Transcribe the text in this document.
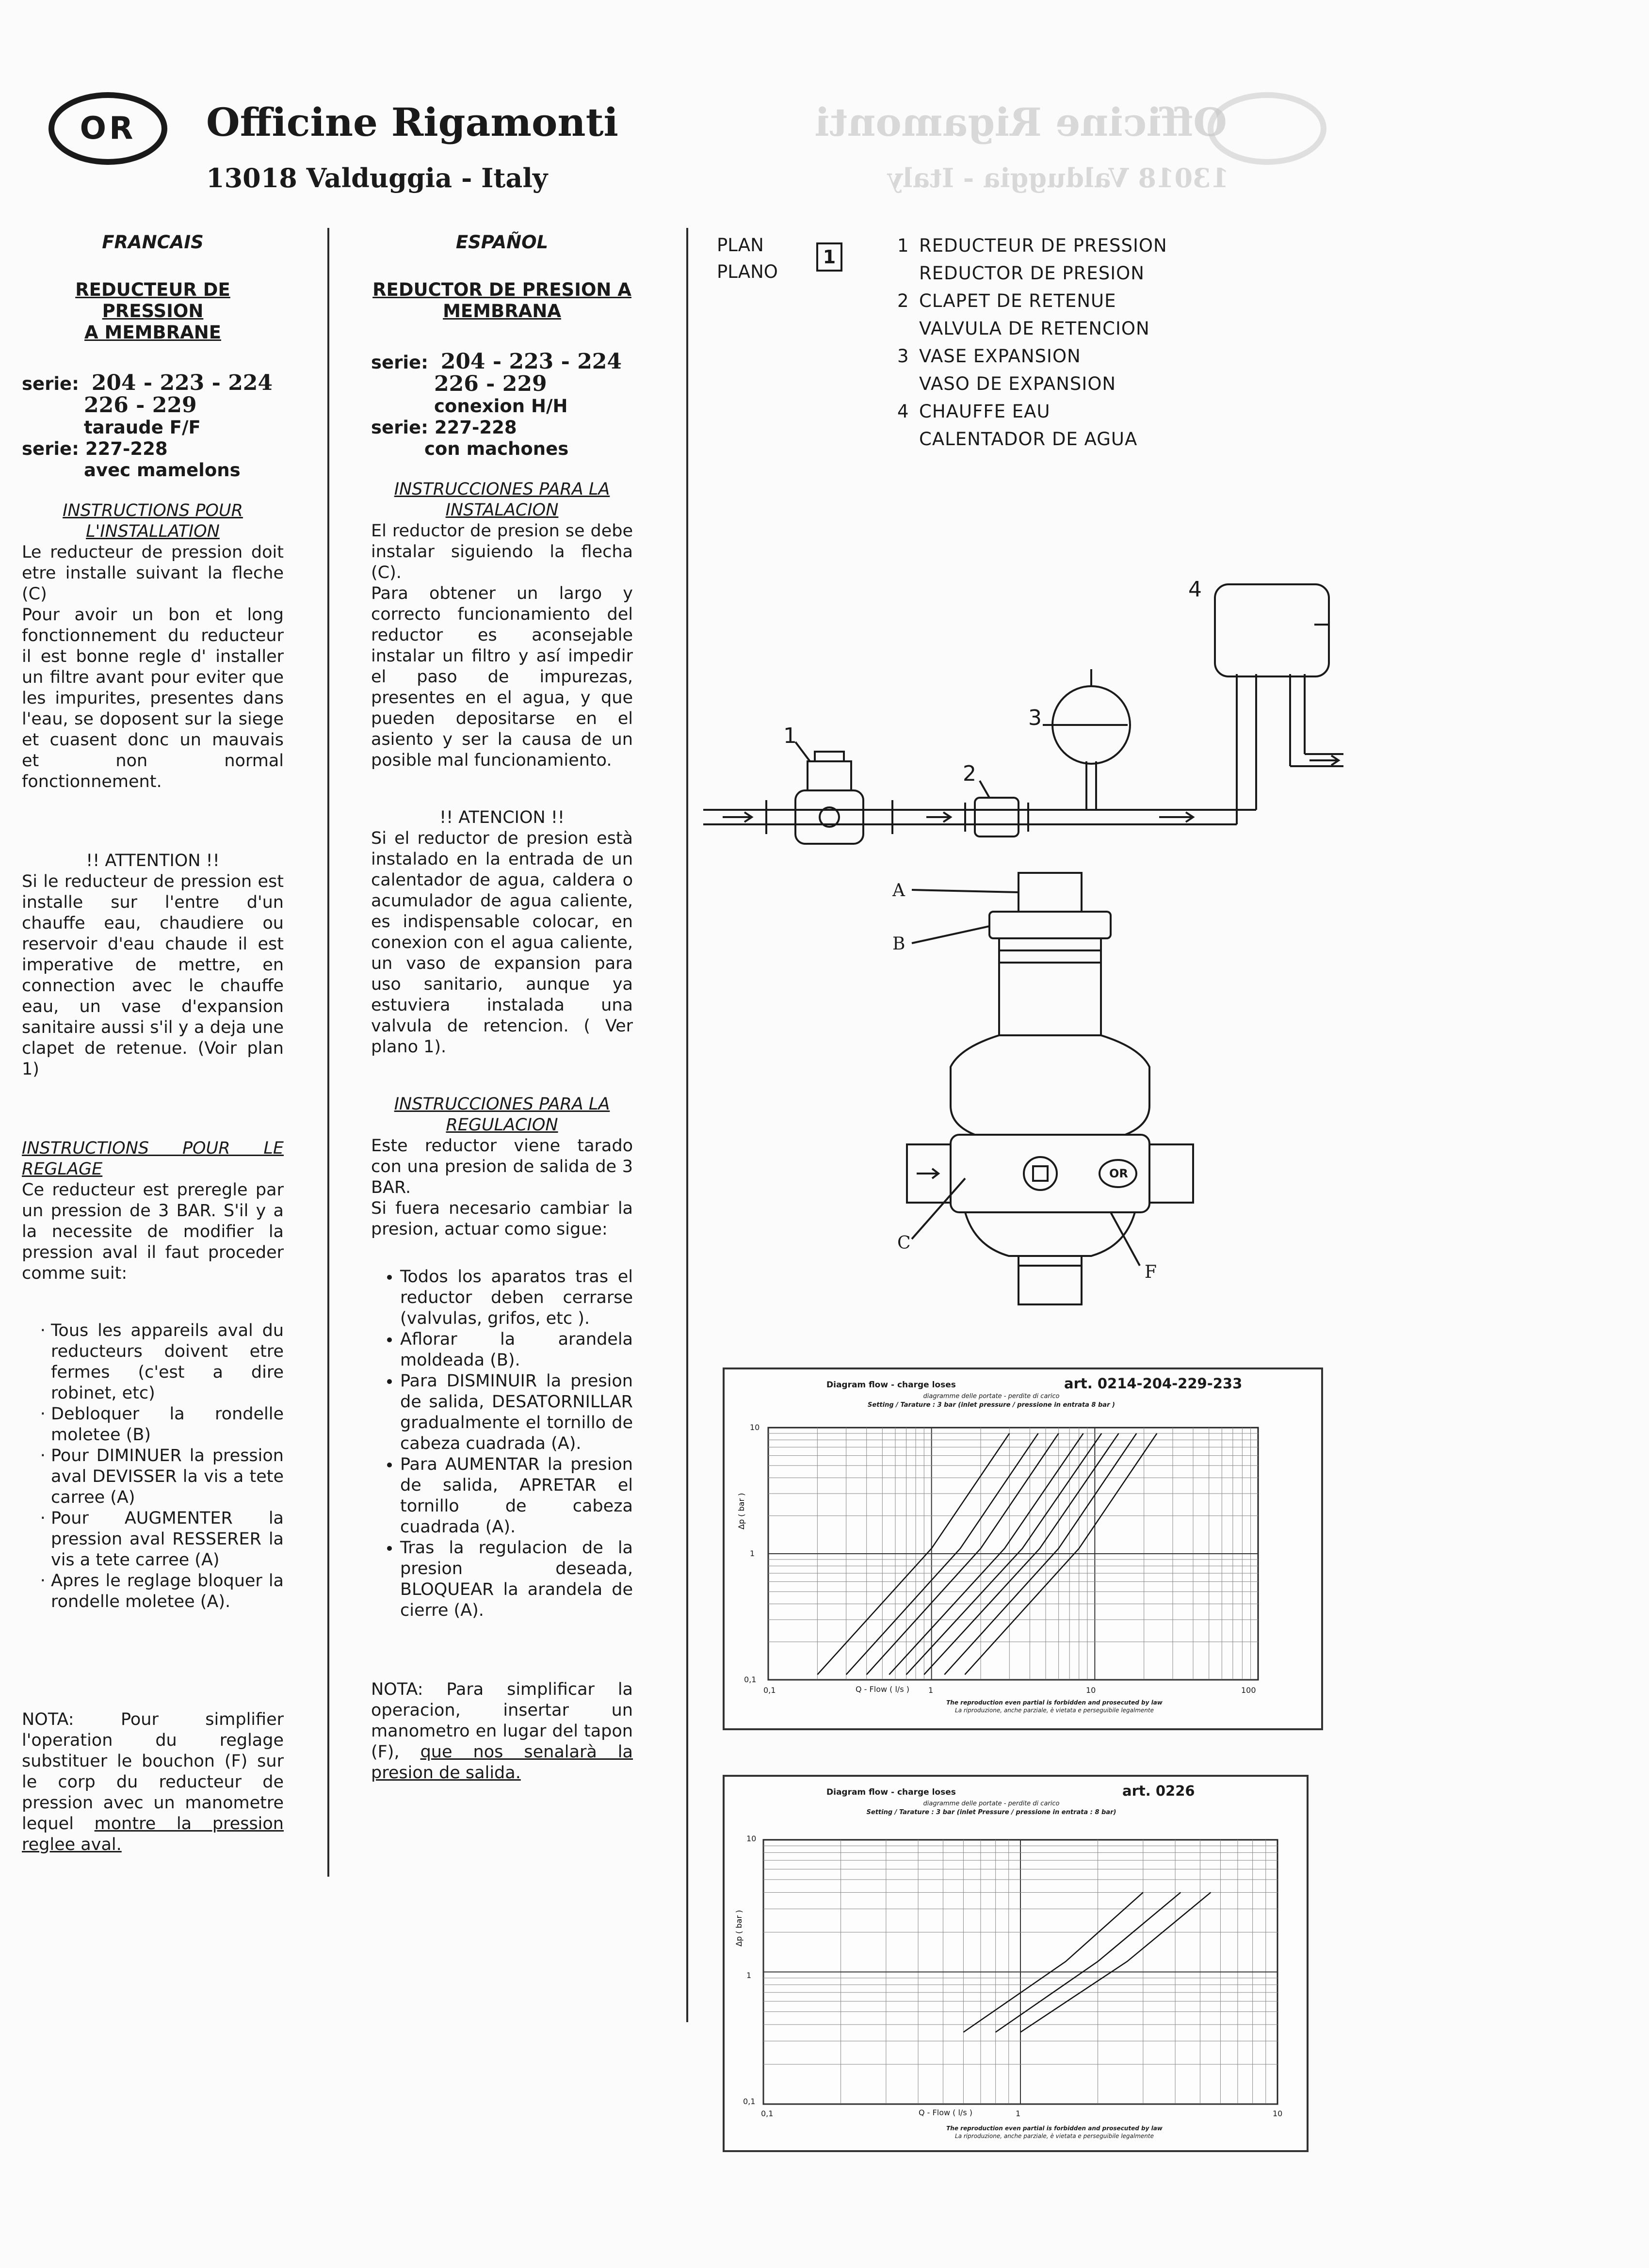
Officine Rigamonti
13018 Valduggia - Italy
OR Officine Rigamonti
13018 Valduggia - Italy

FRANCAIS

REDUCTEUR DE PRESSION

A MEMBRANE

serie: 204 - 223 - 224

226 - 229

taraude F/F

serie: 227-228

avec mamelons

INSTRUCTIONS POUR

L'INSTALLATION

Le reducteur de pression doit etre installe suivant la fleche (C)

Pour avoir un bon et long fonctionnement du reducteur il est bonne regle d' installer un filtre avant pour eviter que les impurites, presentes dans l'eau, se doposent sur la siege et cuasent donc un mauvais et non normal fonctionnement.

!! ATTENTION !!

Si le reducteur de pression est installe sur l'entre d'un chauffe eau, chaudiere ou reservoir d'eau chaude il est imperative de mettre, en connection avec le chauffe eau, un vase d'expansion sanitaire aussi s'il y a deja une clapet de retenue. (Voir plan 1)

INSTRUCTIONS POUR LE

REGLAGE

Ce reducteur est preregle par un pression de 3 BAR. S'il y a la necessite de modifier la pression aval il faut proceder comme suit:

· Tous les appareils aval du reducteurs doivent etre fermes (c'est a dire robinet, etc)
· Debloquer la rondelle moletee (B)
· Pour DIMINUER la pression aval DEVISSER la vis a tete carree (A)
· Pour AUGMENTER la pression aval RESSERER la vis a tete carree (A)
· Apres le reglage bloquer la rondelle moletee (A).

NOTA: Pour simplifier l'operation du reglage substituer le bouchon (F) sur le corp du reducteur de pression avec un manometre lequel montre la pression reglee aval.

ESPAÑOL

REDUCTOR DE PRESION A

MEMBRANA

serie: 204 - 223 - 224

226 - 229

conexion H/H

serie: 227-228

con machones

INSTRUCCIONES PARA LA

INSTALACION

El reductor de presion se debe instalar siguiendo la flecha (C).

Para obtener un largo y correcto funcionamiento del reductor es aconsejable instalar un filtro y así impedir el paso de impurezas, presentes en el agua, y que pueden depositarse en el asiento y ser la causa de un posible mal funcionamiento.

!! ATENCION !!

Si el reductor de presion està instalado en la entrada de un calentador de agua, caldera o acumulador de agua caliente, es indispensable colocar, en conexion con el agua caliente, un vaso de expansion para uso sanitario, aunque ya estuviera instalada una valvula de retencion. ( Ver plano 1).

INSTRUCCIONES PARA LA

REGULACION

Este reductor viene tarado con una presion de salida de 3 BAR.

Si fuera necesario cambiar la presion, actuar como sigue:

• Todos los aparatos tras el reductor deben cerrarse (valvulas, grifos, etc ).
• Aflorar la arandela moldeada (B).
• Para DISMINUIR la presion de salida, DESATORNILLAR gradualmente el tornillo de cabeza cuadrada (A).
• Para AUMENTAR la presion de salida, APRETAR el tornillo de cabeza cuadrada (A).
• Tras la regulacion de la presion deseada, BLOQUEAR la arandela de cierre (A).

NOTA: Para simplificar la operacion, insertar un manometro en lugar del tapon (F), que nos senalarà la presion de salida.

PLAN
PLANO
1
1 REDUCTEUR DE PRESSION
REDUCTOR DE PRESION
2 CLAPET DE RETENUE
VALVULA DE RETENCION
3 VASE EXPANSION
VASO DE EXPANSION
4 CHAUFFE EAU
CALENTADOR DE AGUA
1
2
3
4
A
B
C
F
OR
Diagram flow - charge loses	art. 0214-204-229-233
diagramme delle portate - perdite di carico
Setting / Tarature : 3 bar (inlet pressure / pressione in entrata 8 bar )
Δp ( bar )
10
1
0,1
0,1	1	10	100
Q - Flow ( l/s )
The reproduction even partial is forbidden and prosecuted by law
La riproduzione, anche parziale, è vietata e perseguibile legalmente
Diagram flow - charge loses	art. 0226
diagramme delle portate - perdite di carico
Setting / Tarature : 3 bar (inlet Pressure / pressione in entrata : 8 bar)
Δp ( bar )
10
1
0,1
0,1	1	10
Q - Flow ( l/s )
The reproduction even partial is forbidden and prosecuted by law
La riproduzione, anche parziale, è vietata e perseguibile legalmente
